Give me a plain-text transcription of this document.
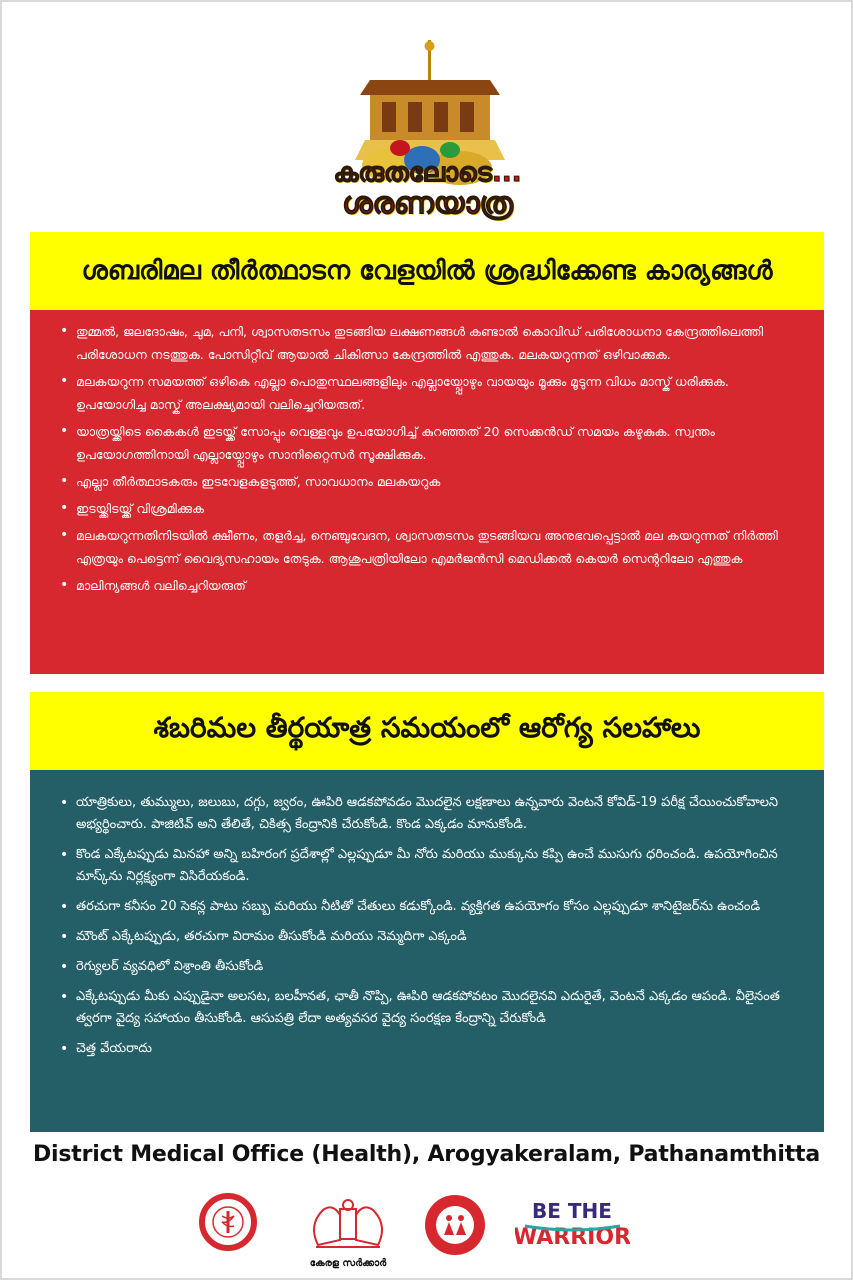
കരുതലോടെ...
ശരണയാത്ര
ശബരിമല തീർത്ഥാടന വേളയിൽ ശ്രദ്ധിക്കേണ്ട കാര്യങ്ങൾ
• തുമ്മൽ, ജലദോഷം, ചുമ, പനി, ശ്വാസതടസം തുടങ്ങിയ ലക്ഷണങ്ങൾ കണ്ടാൽ കൊവിഡ് പരിശോധനാ കേന്ദ്രത്തിലെത്തി പരിശോധന നടത്തുക. പോസിറ്റീവ് ആയാൽ ചികിത്സാ കേന്ദ്രത്തിൽ എത്തുക. മലകയറുന്നത് ഒഴിവാക്കുക.
• മലകയറുന്ന സമയത്ത് ഒഴികെ എല്ലാ പൊതുസ്ഥലങ്ങളിലും എല്ലായ്പ്പോഴും വായയും മൂക്കും മൂടുന്ന വിധം മാസ്ക് ധരിക്കുക. ഉപയോഗിച്ച മാസ്ക് അലക്ഷ്യമായി വലിച്ചെറിയരുത്.
• യാത്രയ്ക്കിടെ കൈകൾ ഇടയ്ക്ക് സോപ്പും വെള്ളവും ഉപയോഗിച്ച് കുറഞ്ഞത് 20 സെക്കൻഡ് സമയം കഴുകുക. സ്വന്തം ഉപയോഗത്തിനായി എല്ലായ്പ്പോഴും സാനിറ്റൈസർ സൂക്ഷിക്കുക.
• എല്ലാ തീർത്ഥാടകരും ഇടവേളകളടുത്ത്, സാവധാനം മലകയറുക
• ഇടയ്ക്കിടയ്ക്ക് വിശ്രമിക്കുക
• മലകയറുന്നതിനിടയിൽ ക്ഷീണം, തളർച്ച, നെഞ്ചുവേദന, ശ്വാസതടസം തുടങ്ങിയവ അനുഭവപ്പെട്ടാൽ മല കയറുന്നത് നിർത്തി എത്രയും പെട്ടെന്ന് വൈദ്യസഹായം തേടുക. ആശുപത്രിയിലോ എമർജൻസി മെഡിക്കൽ കെയർ സെന്ററിലോ എത്തുക
• മാലിന്യങ്ങൾ വലിച്ചെറിയരുത്
శబరిమల తీర్థయాత్ర సమయంలో ఆరోగ్య సలహాలు
• యాత్రికులు, తుమ్ములు, జలుబు, దగ్గు, జ్వరం, ఊపిరి ఆడకపోవడం మొదలైన లక్షణాలు ఉన్నవారు వెంటనే కోవిడ్-19 పరీక్ష చేయించుకోవాలని అభ్యర్థించారు. పాజిటివ్ అని తేలితే, చికిత్స కేంద్రానికి చేరుకోండి. కొండ ఎక్కడం మానుకోండి.
• కొండ ఎక్కేటప్పుడు మినహా అన్ని బహిరంగ ప్రదేశాల్లో ఎల్లప్పుడూ మీ నోరు మరియు ముక్కును కప్పి ఉంచే ముసుగు ధరించండి. ఉపయోగించిన మాస్క్‌ను నిర్లక్ష్యంగా విసిరేయకండి.
• తరచుగా కనీసం 20 సెకన్ల పాటు సబ్బు మరియు నీటితో చేతులు కడుక్కోండి. వ్యక్తిగత ఉపయోగం కోసం ఎల్లప్పుడూ శానిటైజర్‌ను ఉంచండి
• మౌంట్ ఎక్కేటప్పుడు, తరచుగా విరామం తీసుకోండి మరియు నెమ్మదిగా ఎక్కండి
• రెగ్యులర్ వ్యవధిలో విశ్రాంతి తీసుకోండి
• ఎక్కేటప్పుడు మీకు ఎప్పుడైనా అలసట, బలహీనత, ఛాతీ నొప్పి, ఊపిరి ఆడకపోవటం మొదలైనవి ఎదురైతే, వెంటనే ఎక్కడం ఆపండి. వీలైనంత త్వరగా వైద్య సహాయం తీసుకోండి. ఆసుపత్రి లేదా అత్యవసర వైద్య సంరక్షణ కేంద్రాన్ని చేరుకోండి
• చెత్త వేయరాదు
District Medical Office (Health), Arogyakeralam, Pathanamthitta
കേരള സർക്കാർ
BE THE
WARRIOR
